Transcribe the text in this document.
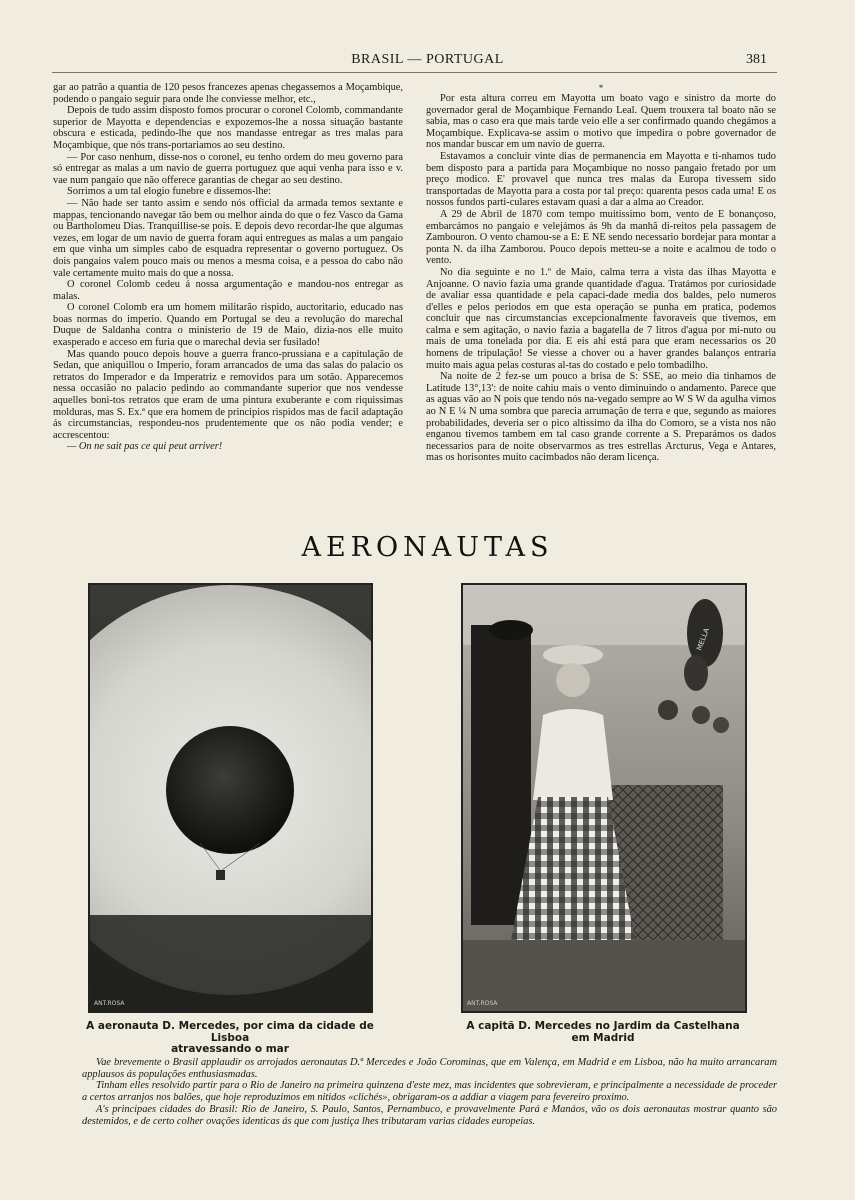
BRASIL — PORTUGAL	381

gar ao patrão a quantia de 120 pesos francezes apenas chegassemos a Moçambique, podendo o pangaio seguir para onde lhe conviesse melhor, etc.,

Depois de tudo assim disposto fomos procurar o coronel Colomb, commandante superior de Mayotta e dependencias e expozemos-lhe a nossa situação bastante obscura e esticada, pedindo-lhe que nos mandasse entregar as tres malas para Moçambique, que nós trans-portariamos ao seu destino.

— Por caso nenhum, disse-nos o coronel, eu tenho ordem do meu governo para só entregar as malas a um navio de guerra portuguez que aqui venha para isso e v. vae num pangaio que não offerece garantias de chegar ao seu destino.

Sorrimos a um tal elogio funebre e dissemos-lhe:

— Não hade ser tanto assim e sendo nós official da armada temos sextante e mappas, tencionando navegar tão bem ou melhor ainda do que o fez Vasco da Gama ou Bartholomeu Dias. Tranquillise-se pois. E depois devo recordar-lhe que algumas vezes, em logar de um navio de guerra foram aqui entregues as malas a um pangaio em que vinha um simples cabo de esquadra representar o governo portuguez. Os dois pangaios valem pouco mais ou menos a mesma coisa, e a pessoa do cabo não vale certamente muito mais do que a nossa.

O coronel Colomb cedeu á nossa argumentação e mandou-nos entregar as malas.

O coronel Colomb era um homem militarão rispido, auctoritario, educado nas boas normas do imperio. Quando em Portugal se deu a revolução do marechal Duque de Saldanha contra o ministerio de 19 de Maio, dizia-nos elle muito exasperado e acceso em furia que o marechal devia ser fusilado!

Mas quando pouco depois houve a guerra franco-prussiana e a capitulação de Sedan, que aniquillou o Imperio, foram arrancados de uma das salas do palacio os retratos do Imperador e da Imperatriz e removidos para um sotão. Apparecemos nessa occasião no palacio pedindo ao commandante superior que nos vendesse aquelles boni-tos retratos que eram de uma pintura exuberante e com riquissimas molduras, mas S. Ex.ª que era homem de principios rispidos mas de facil adaptação ás circumstancias, respondeu-nos prudentemente que os não podia vender; e accrescentou:

— On ne sait pas ce qui peut arriver!

*

Por esta altura correu em Mayotta um boato vago e sinistro da morte do governador geral de Moçambique Fernando Leal. Quem trouxera tal boato não se sabia, mas o caso era que mais tarde veio elle a ser confirmado quando chegámos a Moçambique. Explicava-se assim o motivo que impedira o pobre governador de nos mandar buscar em um navio de guerra.

Estavamos a concluir vinte dias de permanencia em Mayotta e ti-nhamos tudo bem disposto para a partida para Moçambique no nosso pangaio fretado por um preço modico. E' provavel que nunca tres malas da Europa tivessem sido transportadas de Mayotta para a costa por tal preço: quarenta pesos cada uma! E os nossos fundos parti-culares estavam quasi a dar a alma ao Creador.

A 29 de Abril de 1870 com tempo muitissimo bom, vento de E bonançoso, embarcámos no pangaio e velejámos ás 9h da manhã di-reitos pela passagem de Zambouron. O vento chamou-se a E: E NE sendo necessario bordejar para montar a ponta N. da ilha Zamborou. Pouco depois metteu-se a noite e acalmou de todo o vento.

No dia seguinte e no 1.º de Maio, calma terra a vista das ilhas Mayotta e Anjoanne. O navio fazia uma grande quantidade d'agua. Tratámos por curiosidade de avaliar essa quantidade e pela capaci-dade media dos baldes, pelo numeros d'elles e pelos periodos em que esta operação se punha em pratica, podemos concluir que nas circumstancias excepcionalmente favoraveis que tivemos, em calma e sem agitação, o navio fazia a bagatella de 7 litros d'agua por mi-nuto ou mais de uma tonelada por dia. E eis ahi está para que eram necessarios os 20 homens de tripulação! Se viesse a chover ou a haver grandes balanços entraria muito mais agua pelas costuras al-tas do costado e pelo tombadilho.

Na noite de 2 fez-se um pouco a brisa de S: SSE, ao meio dia tinhamos de Latitude 13°,13': de noite cahiu mais o vento diminuindo o andamento. Parece que as aguas vão ao N pois que tendo nós na-vegado sempre ao W S W da agulha vimos ao N E ¼ N uma sombra que parecia arrumação de terra e que, segundo as maiores probabilidades, deveria ser o pico altissimo da ilha do Comoro, se a vista nos não enganou tivemos tambem em tal caso grande corrente a S. Preparámos os dados necessarios para de noite observarmos as tres estrellas Arcturus, Vega e Antares, mas os horisontes muito cacimbados não deram licença.

AERONAUTAS
ANT.ROSA
MELLA
ANT.ROSA
A aeronauta D. Mercedes, por cima da cidade de Lisboa
atravessando o mar
A capitã D. Mercedes no Jardim da Castelhana
em Madrid

Vae brevemente o Brasil applaudir os arrojados aeronautas D.ª Mercedes e João Corominas, que em Valença, em Madrid e em Lisboa, não ha muito arrancaram applausos ás populações enthusiasmadas.

Tinham elles resolvido partir para o Rio de Janeiro na primeira quinzena d'este mez, mas incidentes que sobrevieram, e principalmente a necessidade de proceder a certos arranjos nos balões, que hoje reproduzimos em nitidos «clichés», obrigaram-os a addiar a viagem para fevereiro proximo.

A's principaes cidades do Brasil: Rio de Janeiro, S. Paulo, Santos, Pernambuco, e provavelmente Pará e Manáos, vão os dois aeronautas mostrar quanto são destemidos, e de certo colher ovações identicas ás que com justiça lhes tributaram varias cidades europeias.
